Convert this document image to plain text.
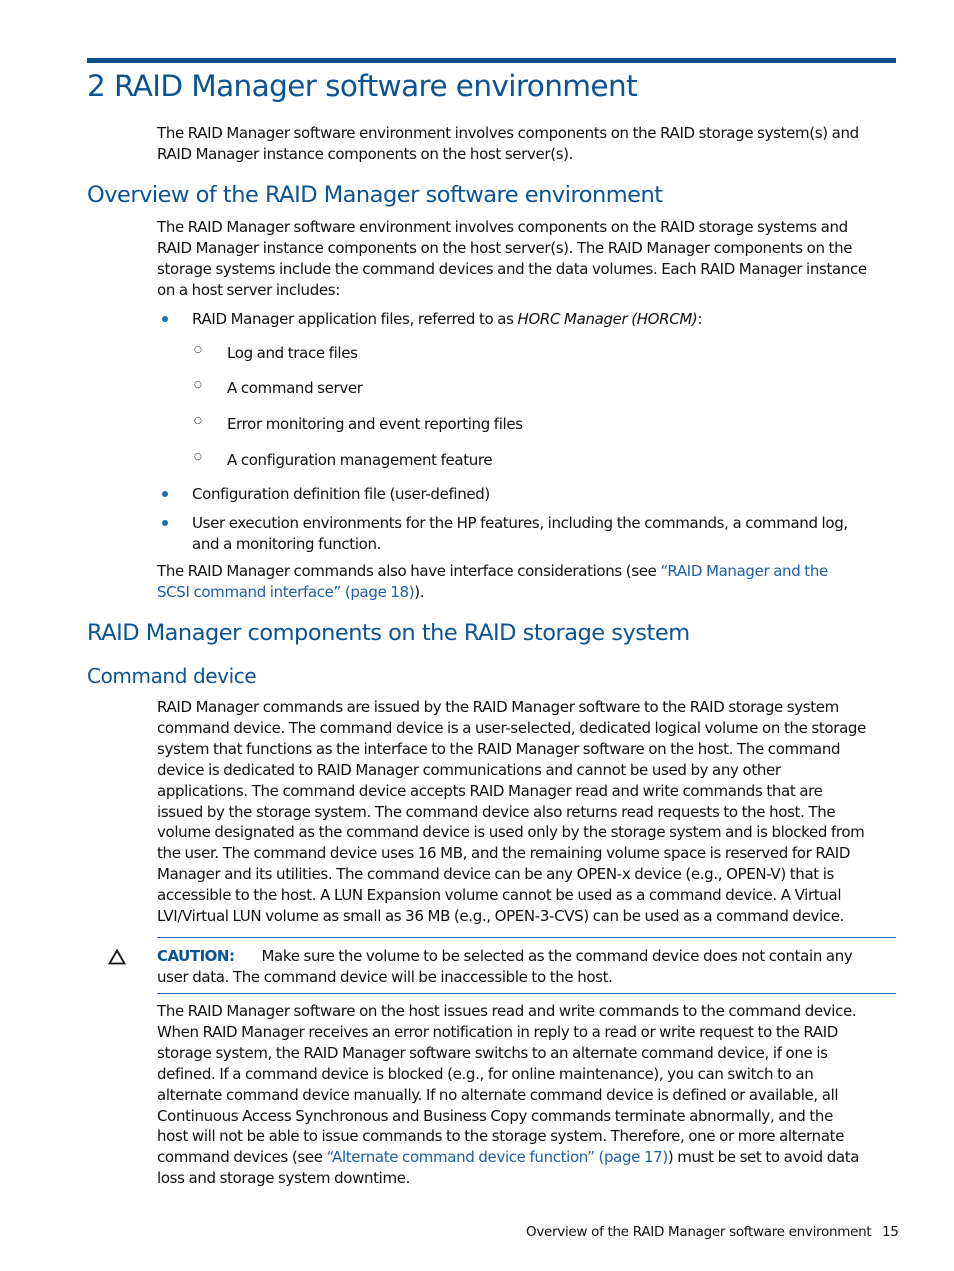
2 RAID Manager software environment

The RAID Manager software environment involves components on the RAID storage system(s) and
RAID Manager instance components on the host server(s).

Overview of the RAID Manager software environment

The RAID Manager software environment involves components on the RAID storage systems and
RAID Manager instance components on the host server(s). The RAID Manager components on the
storage systems include the command devices and the data volumes. Each RAID Manager instance
on a host server includes:

RAID Manager application files, referred to as HORC Manager (HORCM):
○ Log and trace files
○ A command server
○ Error monitoring and event reporting files
○ A configuration management feature
Configuration definition file (user-defined)
User execution environments for the HP features, including the commands, a command log,
and a monitoring function.

The RAID Manager commands also have interface considerations (see “RAID Manager and the
SCSI command interface” (page 18)).

RAID Manager components on the RAID storage system
Command device

RAID Manager commands are issued by the RAID Manager software to the RAID storage system
command device. The command device is a user-selected, dedicated logical volume on the storage
system that functions as the interface to the RAID Manager software on the host. The command
device is dedicated to RAID Manager communications and cannot be used by any other
applications. The command device accepts RAID Manager read and write commands that are
issued by the storage system. The command device also returns read requests to the host. The
volume designated as the command device is used only by the storage system and is blocked from
the user. The command device uses 16 MB, and the remaining volume space is reserved for RAID
Manager and its utilities. The command device can be any OPEN-x device (e.g., OPEN-V) that is
accessible to the host. A LUN Expansion volume cannot be used as a command device. A Virtual
LVI/Virtual LUN volume as small as 36 MB (e.g., OPEN-3-CVS) can be used as a command device.

CAUTION: Make sure the volume to be selected as the command device does not contain any
user data. The command device will be inaccessible to the host.

The RAID Manager software on the host issues read and write commands to the command device.
When RAID Manager receives an error notification in reply to a read or write request to the RAID
storage system, the RAID Manager software switchs to an alternate command device, if one is
defined. If a command device is blocked (e.g., for online maintenance), you can switch to an
alternate command device manually. If no alternate command device is defined or available, all
Continuous Access Synchronous and Business Copy commands terminate abnormally, and the
host will not be able to issue commands to the storage system. Therefore, one or more alternate
command devices (see “Alternate command device function” (page 17)) must be set to avoid data
loss and storage system downtime.

Overview of the RAID Manager software environment 15
